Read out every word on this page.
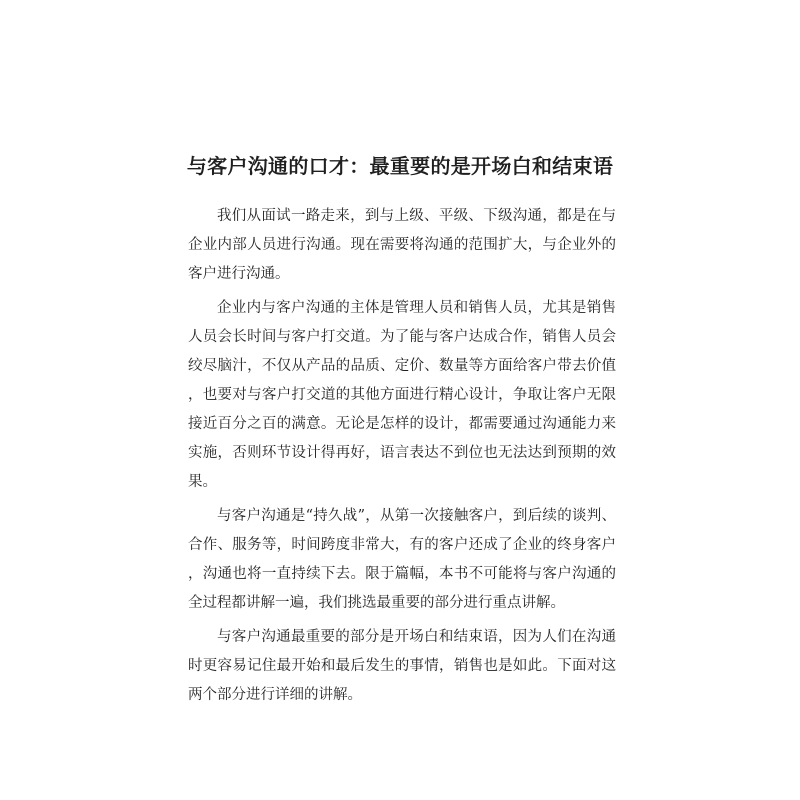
与客户沟通的口才：最重要的是开场白和结束语

我们从面试一路走来，到与上级、平级、下级沟通，都是在与企业内部人员进行沟通。现在需要将沟通的范围扩大，与企业外的客户进行沟通。

企业内与客户沟通的主体是管理人员和销售人员，尤其是销售人员会长时间与客户打交道。为了能与客户达成合作，销售人员会绞尽脑汁，不仅从产品的品质、定价、数量等方面给客户带去价值，也要对与客户打交道的其他方面进行精心设计，争取让客户无限接近百分之百的满意。无论是怎样的设计，都需要通过沟通能力来实施，否则环节设计得再好，语言表达不到位也无法达到预期的效果。

与客户沟通是“持久战”，从第一次接触客户，到后续的谈判、合作、服务等，时间跨度非常大，有的客户还成了企业的终身客户，沟通也将一直持续下去。限于篇幅，本书不可能将与客户沟通的全过程都讲解一遍，我们挑选最重要的部分进行重点讲解。

与客户沟通最重要的部分是开场白和结束语，因为人们在沟通时更容易记住最开始和最后发生的事情，销售也是如此。下面对这两个部分进行详细的讲解。
